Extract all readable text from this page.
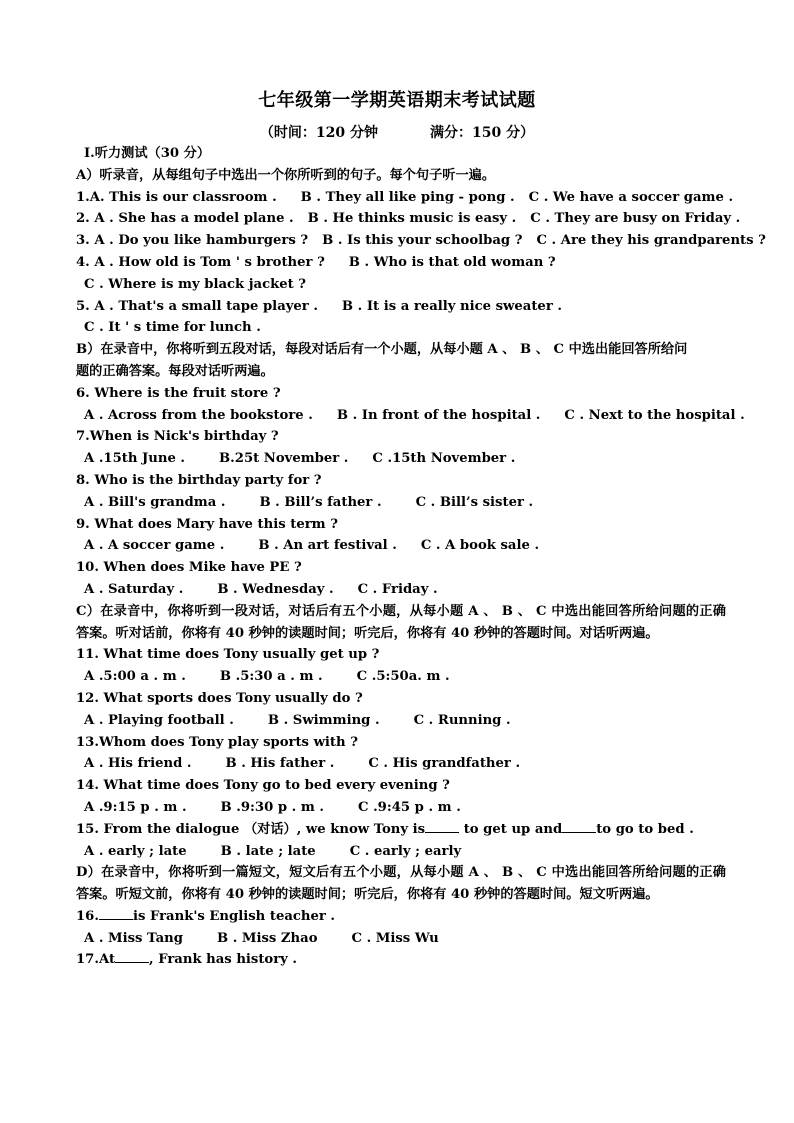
七年级第一学期英语期末考试试题
（时间：120 分钟	满分：150 分）
I.听力测试（30 分）
A）听录音，从每组句子中选出一个你所听到的句子。每个句子听一遍。
1.A. This is our classroom . B . They all like ping - pong . C . We have a soccer game .
2. A . She has a model plane . B . He thinks music is easy . C . They are busy on Friday .
3. A . Do you like hamburgers ? B . Is this your schoolbag ? C . Are they his grandparents ?
4. A . How old is Tom ' s brother ? B . Who is that old woman ?
C . Where is my black jacket ?
5. A . That's a small tape player . B . It is a really nice sweater .
C . It ' s time for lunch .
B）在录音中，你将听到五段对话，每段对话后有一个小题，从每小题 A 、 B 、 C 中选出能回答所给问
题的正确答案。每段对话听两遍。
6. Where is the fruit store ?
A . Across from the bookstore . B . In front of the hospital . C . Next to the hospital .
7.When is Nick's birthday ?
A .15th June .	B.25t November . C .15th November .
8. Who is the birthday party for ?
A . Bill's grandma .	B . Bill’s father .	C . Bill’s sister .
9. What does Mary have this term ?
A . A soccer game .	B . An art festival . C . A book sale .
10. When does Mike have PE ?
A . Saturday .	B . Wednesday . C . Friday .
C）在录音中，你将听到一段对话，对话后有五个小题，从每小题 A 、 B 、 C 中选出能回答所给问题的正确答案。听对话前，你将有 40 秒钟的读题时间；听完后，你将有 40 秒钟的答题时间。对话听两遍。
11. What time does Tony usually get up ?
A .5:00 a . m .	B .5:30 a . m .	C .5:50a. m .
12. What sports does Tony usually do ?
A . Playing football .	B . Swimming .	C . Running .
13.Whom does Tony play sports with ?
A . His friend .	B . His father .	C . His grandfather .
14. What time does Tony go to bed every evening ?
A .9:15 p . m .	B .9:30 p . m .	C .9:45 p . m .
15. From the dialogue （对话）, we know Tony is	to get up and	to go to bed .
A . early ; late	B . late ; late	C . early ; early
D）在录音中，你将听到一篇短文，短文后有五个小题，从每小题 A 、 B 、 C 中选出能回答所给问题的正确答案。听短文前，你将有 40 秒钟的读题时间；听完后，你将有 40 秒钟的答题时间。短文听两遍。
16.	is Frank's English teacher .
A . Miss Tang	B . Miss Zhao	C . Miss Wu
17.At	, Frank has history .
